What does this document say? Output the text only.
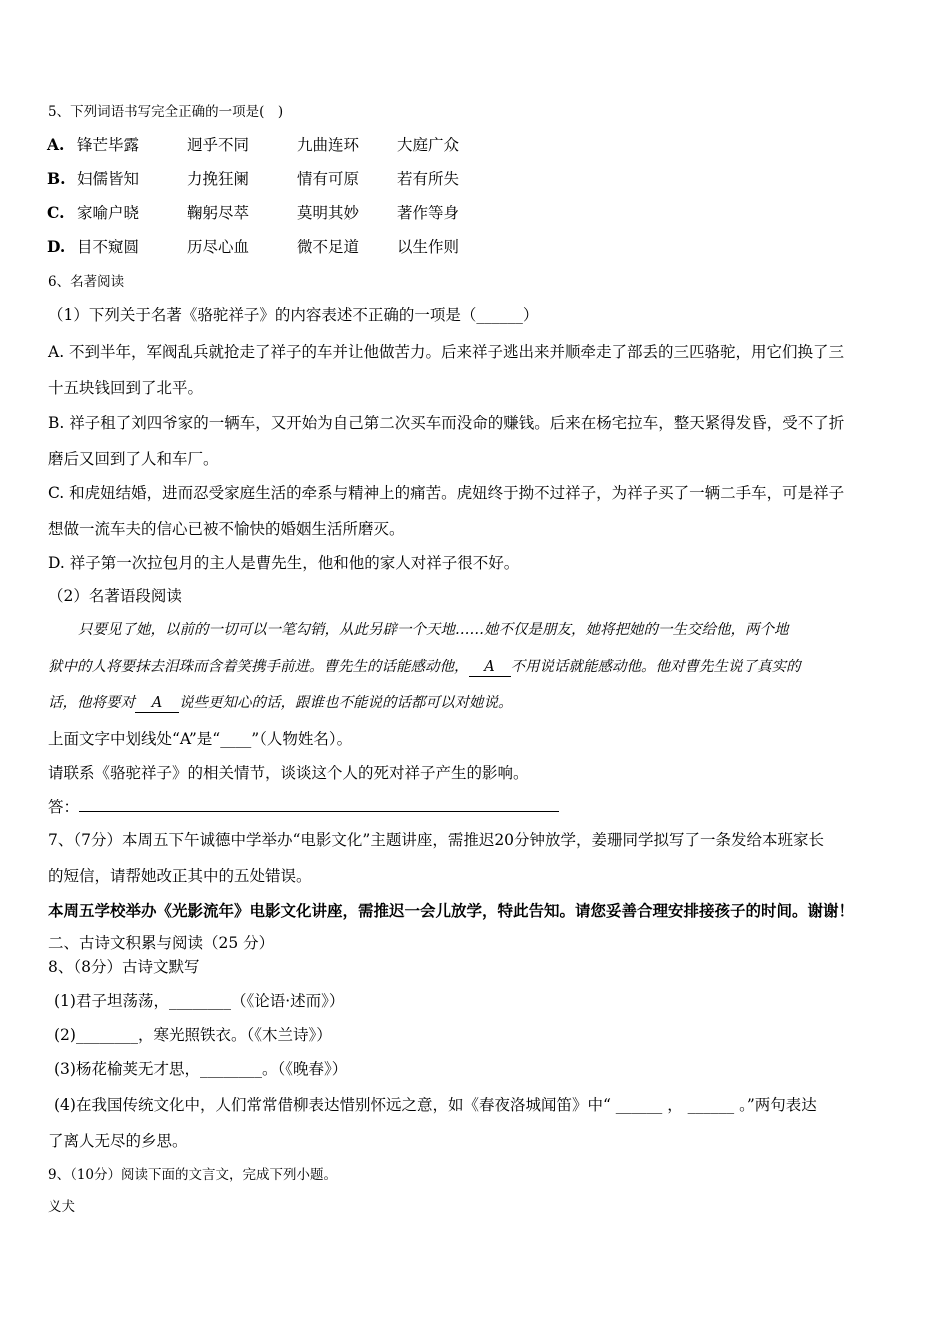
5、下列词语书写完全正确的一项是(　)
A. 锋芒毕露	迥乎不同	九曲连环 大庭广众
B. 妇儒皆知	力挽狂阑	情有可原 若有所失
C. 家喻户晓	鞠躬尽萃	莫明其妙 著作等身
D. 目不窥圆	历尽心血	微不足道 以生作则
6、名著阅读
（1）下列关于名著《骆驼祥子》的内容表述不正确的一项是（______）
A. 不到半年，军阀乱兵就抢走了祥子的车并让他做苦力。后来祥子逃出来并顺牵走了部丢的三匹骆驼，用它们换了三
十五块钱回到了北平。
B. 祥子租了刘四爷家的一辆车，又开始为自己第二次买车而没命的赚钱。后来在杨宅拉车，整天紧得发昏，受不了折
磨后又回到了人和车厂。
C. 和虎妞结婚，进而忍受家庭生活的牵系与精神上的痛苦。虎妞终于拗不过祥子，为祥子买了一辆二手车，可是祥子
想做一流车夫的信心已被不愉快的婚姻生活所磨灭。
D. 祥子第一次拉包月的主人是曹先生，他和他的家人对祥子很不好。
（2）名著语段阅读
只要见了她，以前的一切可以一笔勾销，从此另辟一个天地……她不仅是朋友，她将把她的一生交给他，两个地
狱中的人将要抹去泪珠而含着笑携手前进。曹先生的话能感动他， A 不用说话就能感动他。他对曹先生说了真实的
话，他将要对 A 说些更知心的话，跟谁也不能说的话都可以对她说。
上面文字中划线处“A”是“____”（人物姓名）。
请联系《骆驼祥子》的相关情节，谈谈这个人的死对祥子产生的影响。
答：
7、（7分）本周五下午诚德中学举办“电影文化”主题讲座，需推迟20分钟放学，姜珊同学拟写了一条发给本班家长
的短信，请帮她改正其中的五处错误。
本周五学校举办《光影流年》电影文化讲座，需推迟一会儿放学，特此告知。请您妥善合理安排接孩子的时间。谢谢！
二、古诗文积累与阅读（25 分）
8、（8分）古诗文默写
(1)君子坦荡荡，________（《论语·述而》）
(2)________，寒光照铁衣。（《木兰诗》）
(3)杨花榆荚无才思，________。（《晚春》）
(4)在我国传统文化中，人们常常借柳表达惜别怀远之意，如《春夜洛城闻笛》中“ ______ ， ______ 。”两句表达
了离人无尽的乡思。
9、（10分）阅读下面的文言文，完成下列小题。
义犬
